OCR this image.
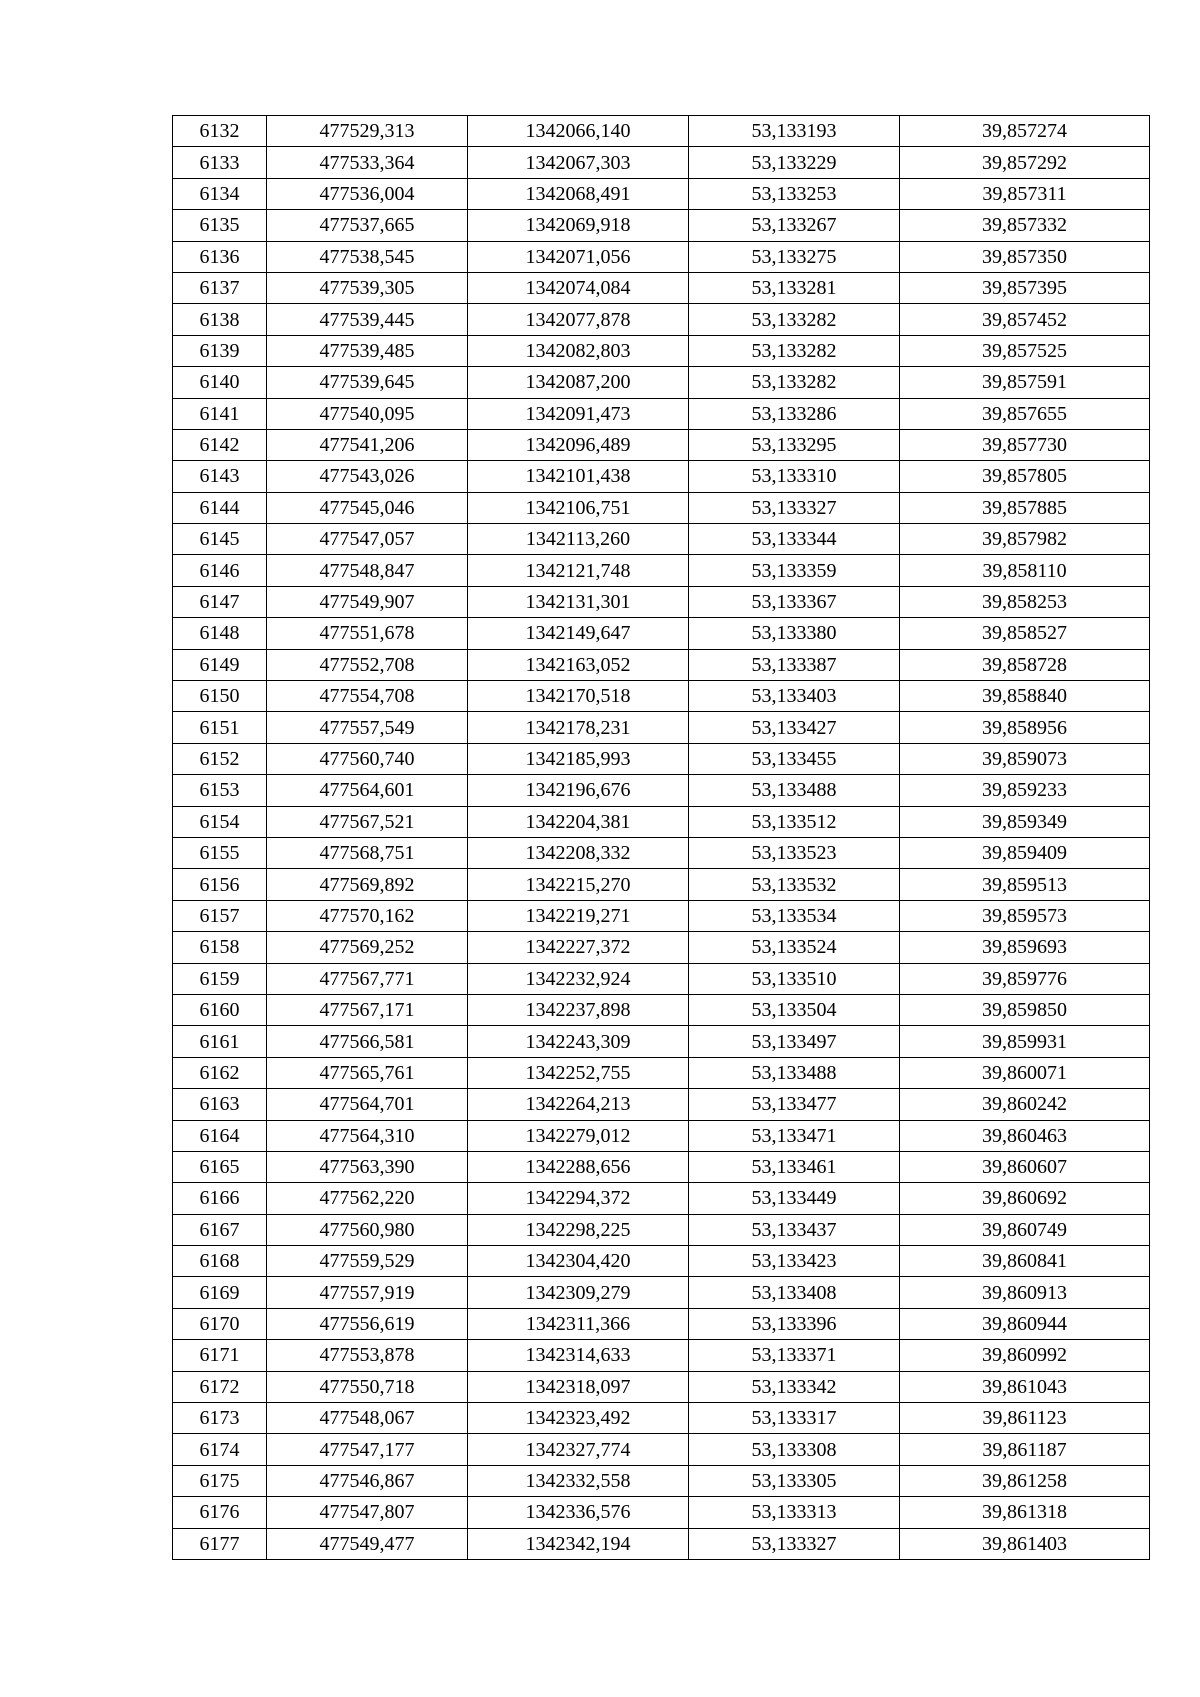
6132	477529,313	1342066,140	53,133193	39,857274
6133	477533,364	1342067,303	53,133229	39,857292
6134	477536,004	1342068,491	53,133253	39,857311
6135	477537,665	1342069,918	53,133267	39,857332
6136	477538,545	1342071,056	53,133275	39,857350
6137	477539,305	1342074,084	53,133281	39,857395
6138	477539,445	1342077,878	53,133282	39,857452
6139	477539,485	1342082,803	53,133282	39,857525
6140	477539,645	1342087,200	53,133282	39,857591
6141	477540,095	1342091,473	53,133286	39,857655
6142	477541,206	1342096,489	53,133295	39,857730
6143	477543,026	1342101,438	53,133310	39,857805
6144	477545,046	1342106,751	53,133327	39,857885
6145	477547,057	1342113,260	53,133344	39,857982
6146	477548,847	1342121,748	53,133359	39,858110
6147	477549,907	1342131,301	53,133367	39,858253
6148	477551,678	1342149,647	53,133380	39,858527
6149	477552,708	1342163,052	53,133387	39,858728
6150	477554,708	1342170,518	53,133403	39,858840
6151	477557,549	1342178,231	53,133427	39,858956
6152	477560,740	1342185,993	53,133455	39,859073
6153	477564,601	1342196,676	53,133488	39,859233
6154	477567,521	1342204,381	53,133512	39,859349
6155	477568,751	1342208,332	53,133523	39,859409
6156	477569,892	1342215,270	53,133532	39,859513
6157	477570,162	1342219,271	53,133534	39,859573
6158	477569,252	1342227,372	53,133524	39,859693
6159	477567,771	1342232,924	53,133510	39,859776
6160	477567,171	1342237,898	53,133504	39,859850
6161	477566,581	1342243,309	53,133497	39,859931
6162	477565,761	1342252,755	53,133488	39,860071
6163	477564,701	1342264,213	53,133477	39,860242
6164	477564,310	1342279,012	53,133471	39,860463
6165	477563,390	1342288,656	53,133461	39,860607
6166	477562,220	1342294,372	53,133449	39,860692
6167	477560,980	1342298,225	53,133437	39,860749
6168	477559,529	1342304,420	53,133423	39,860841
6169	477557,919	1342309,279	53,133408	39,860913
6170	477556,619	1342311,366	53,133396	39,860944
6171	477553,878	1342314,633	53,133371	39,860992
6172	477550,718	1342318,097	53,133342	39,861043
6173	477548,067	1342323,492	53,133317	39,861123
6174	477547,177	1342327,774	53,133308	39,861187
6175	477546,867	1342332,558	53,133305	39,861258
6176	477547,807	1342336,576	53,133313	39,861318
6177	477549,477	1342342,194	53,133327	39,861403
